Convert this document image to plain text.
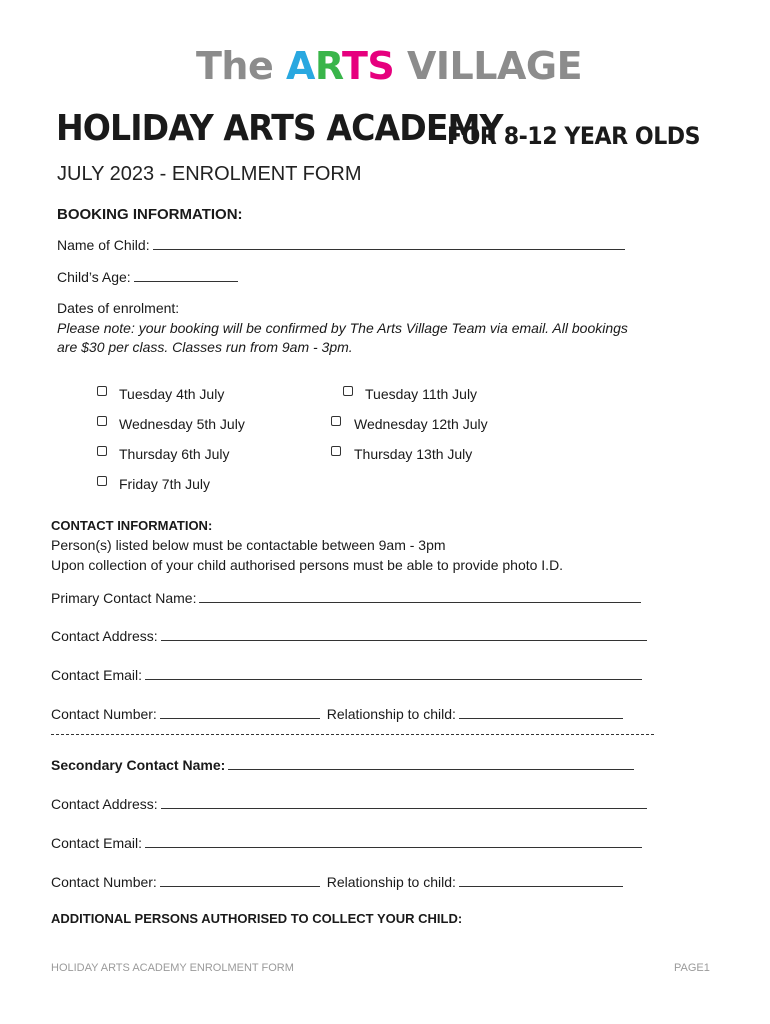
The ARTS VILLAGE
HOLIDAY ARTS ACADEMY
FOR 8-12 YEAR OLDS
JULY 2023 - ENROLMENT FORM
BOOKING INFORMATION:
Name of Child:
Child’s Age:
Dates of enrolment:
Please note: your booking will be confirmed by The Arts Village Team via email. All bookings
are $30 per class. Classes run from 9am - 3pm.
Tuesday 4th July
Wednesday 5th July
Thursday 6th July
Friday 7th July
Tuesday 11th July
Wednesday 12th July
Thursday 13th July
CONTACT INFORMATION:
Person(s) listed below must be contactable between 9am - 3pm
Upon collection of your child authorised persons must be able to provide photo I.D.
Primary Contact Name:
Contact Address:
Contact Email:
Contact Number:	Relationship to child:
Secondary Contact Name:
Contact Address:
Contact Email:
Contact Number:	Relationship to child:
ADDITIONAL PERSONS AUTHORISED TO COLLECT YOUR CHILD:
HOLIDAY ARTS ACADEMY ENROLMENT FORM	PAGE1
